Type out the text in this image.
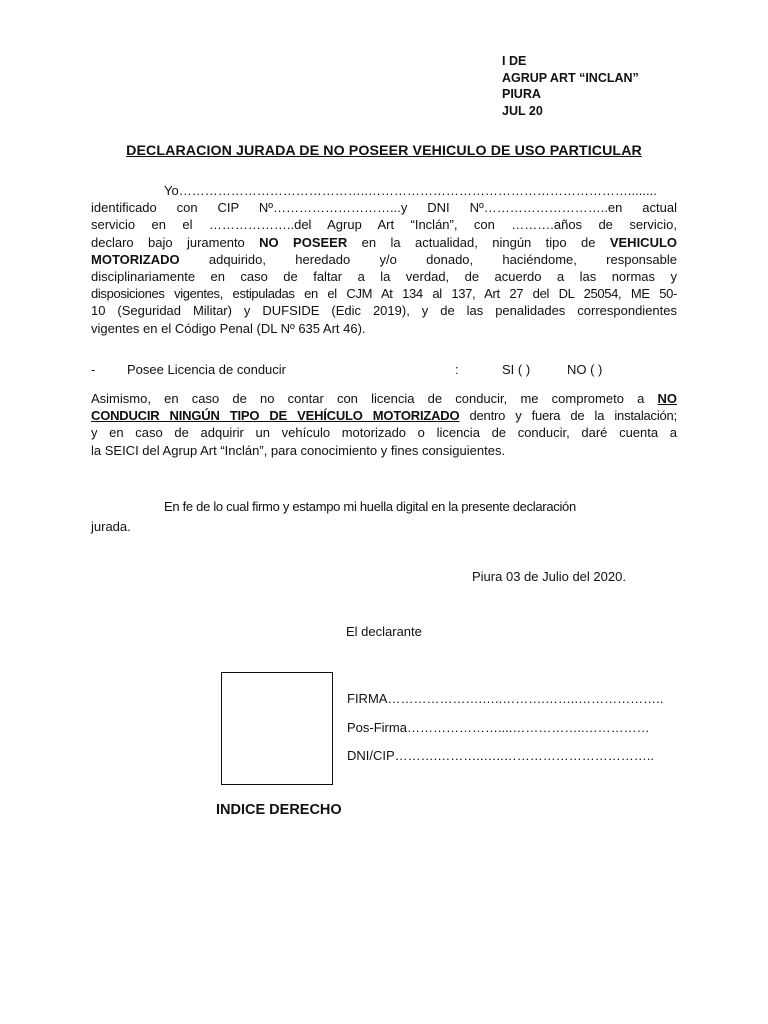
I DE
AGRUP ART “INCLAN”
PIURA
JUL 20
DECLARACION JURADA DE NO POSEER VEHICULO DE USO PARTICULAR
Yo……………………………………..……………………………………………………........
identificado con CIP Nº………………………...y DNI Nº………………………..en actual
servicio en el ………………..del Agrup Art “Inclán”, con ……….años de servicio,
declaro bajo juramento NO POSEER en la actualidad, ningún tipo de VEHICULO
MOTORIZADO adquirido, heredado y/o donado, haciéndome, responsable
disciplinariamente en caso de faltar a la verdad, de acuerdo a las normas y
disposiciones vigentes, estipuladas en el CJM At 134 al 137, Art 27 del DL 25054, ME 50-
10 (Seguridad Militar) y DUFSIDE (Edic 2019), y de las penalidades correspondientes
vigentes en el Código Penal (DL Nº 635 Art 46).
- Posee Licencia de conducir	:	SI ( )	NO ( )
Asimismo, en caso de no contar con licencia de conducir, me comprometo a NO
CONDUCIR NINGÚN TIPO DE VEHÍCULO MOTORIZADO dentro y fuera de la instalación;
y en caso de adquirir un vehículo motorizado o licencia de conducir, daré cuenta a
la SEICI del Agrup Art “Inclán”, para conocimiento y fines consiguientes.
En fe de lo cual firmo y estampo mi huella digital en la presente declaración
jurada.
Piura 03 de Julio del 2020.
El declarante
INDICE DERECHO
FIRMA………………….…..……….……..………………..
Pos-Firma…………………....……………..……………
DNI/CIP……….………..…..……………………………..
